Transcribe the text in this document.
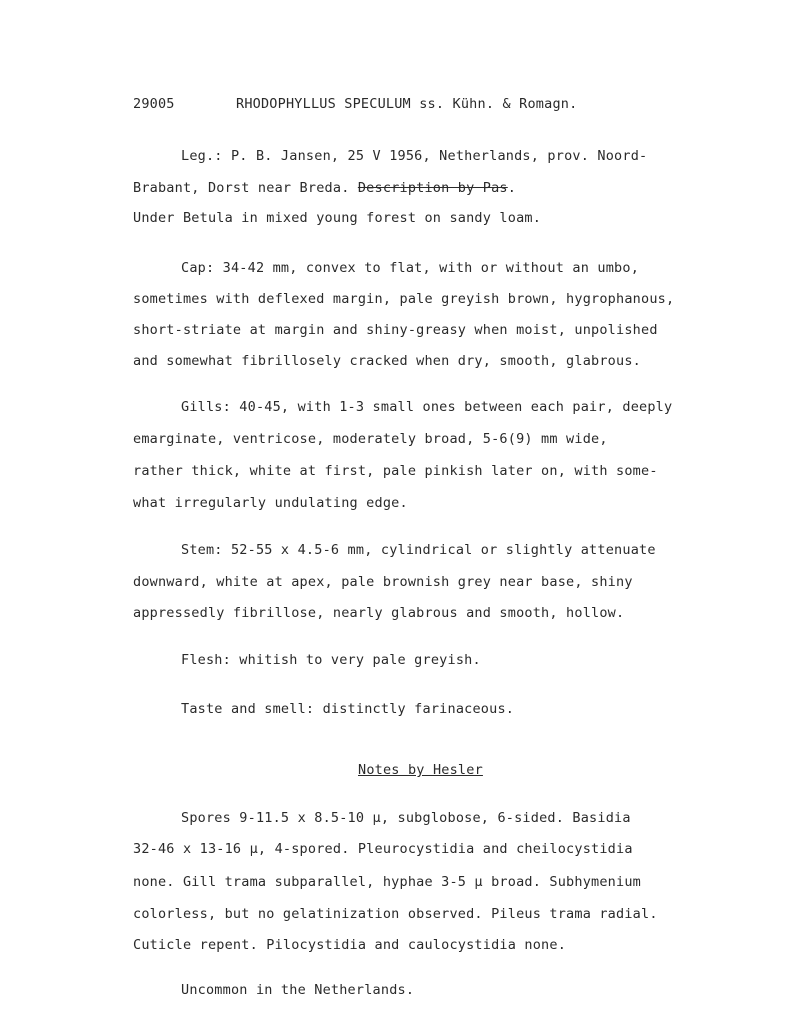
29005	RHODOPHYLLUS SPECULUM ss. Kühn. & Romagn.
Leg.: P. B. Jansen, 25 V 1956, Netherlands, prov. Noord-
Brabant, Dorst near Breda. Description by Pas.
Under Betula in mixed young forest on sandy loam.
Cap: 34-42 mm, convex to flat, with or without an umbo,
sometimes with deflexed margin, pale greyish brown, hygrophanous,
short-striate at margin and shiny-greasy when moist, unpolished
and somewhat fibrillosely cracked when dry, smooth, glabrous.
Gills: 40-45, with 1-3 small ones between each pair, deeply
emarginate, ventricose, moderately broad, 5-6(9) mm wide,
rather thick, white at first, pale pinkish later on, with some-
what irregularly undulating edge.
Stem: 52-55 x 4.5-6 mm, cylindrical or slightly attenuate
downward, white at apex, pale brownish grey near base, shiny
appressedly fibrillose, nearly glabrous and smooth, hollow.
Flesh: whitish to very pale greyish.
Taste and smell: distinctly farinaceous.
Notes by Hesler
Spores 9-11.5 x 8.5-10 μ, subglobose, 6-sided. Basidia
32-46 x 13-16 μ, 4-spored. Pleurocystidia and cheilocystidia
none. Gill trama subparallel, hyphae 3-5 μ broad. Subhymenium
colorless, but no gelatinization observed. Pileus trama radial.
Cuticle repent. Pilocystidia and caulocystidia none.
Uncommon in the Netherlands.
